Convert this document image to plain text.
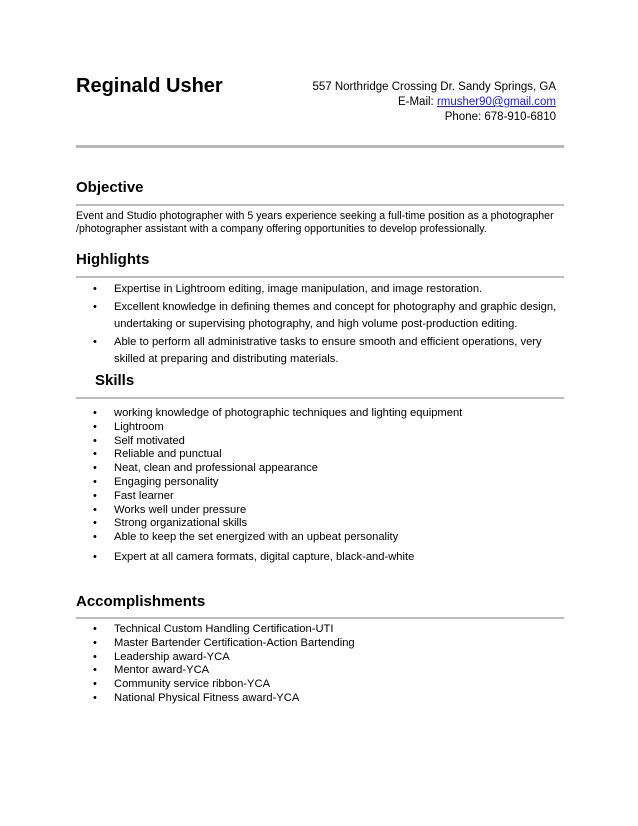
Reginald Usher	557 Northridge Crossing Dr. Sandy Springs, GA
E-Mail: rmusher90@gmail.com
Phone: 678-910-6810
Objective
Event and Studio photographer with 5 years experience seeking a full-time position as a photographer
/photographer assistant with a company offering opportunities to develop professionally.
Highlights
• Expertise in Lightroom editing, image manipulation, and image restoration.
• Excellent knowledge in defining themes and concept for photography and graphic design, undertaking or supervising photography, and high volume post-production editing.
• Able to perform all administrative tasks to ensure smooth and efficient operations, very skilled at preparing and distributing materials.
Skills
• working knowledge of photographic techniques and lighting equipment
• Lightroom
• Self motivated
• Reliable and punctual
• Neat, clean and professional appearance
• Engaging personality
• Fast learner
• Works well under pressure
• Strong organizational skills
• Able to keep the set energized with an upbeat personality
• Expert at all camera formats, digital capture, black-and-white
Accomplishments
• Technical Custom Handling Certification-UTI
• Master Bartender Certification-Action Bartending
• Leadership award-YCA
• Mentor award-YCA
• Community service ribbon-YCA
• National Physical Fitness award-YCA
